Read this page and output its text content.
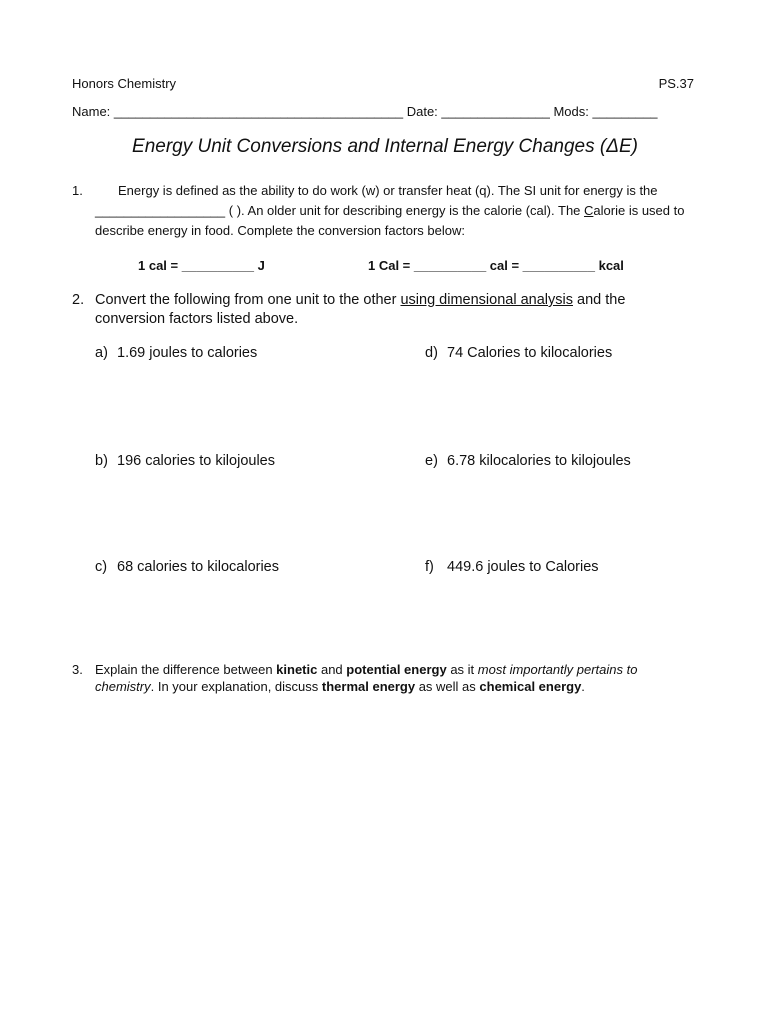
Honors Chemistry	PS.37
Name: ________________________________________ Date: _______________ Mods: _________
Energy Unit Conversions and Internal Energy Changes (ΔE)
1.	Energy is defined as the ability to do work (w) or transfer heat (q). The SI unit for energy is the __________________ ( ). An older unit for describing energy is the calorie (cal). The Calorie is used to describe energy in food. Complete the conversion factors below:
1 cal = __________ J	1 Cal = __________ cal = __________ kcal
2. Convert the following from one unit to the other using dimensional analysis and the conversion factors listed above.
a) 1.69 joules to calories	d) 74 Calories to kilocalories
b) 196 calories to kilojoules	e) 6.78 kilocalories to kilojoules
c) 68 calories to kilocalories	f) 449.6 joules to Calories
3. Explain the difference between kinetic and potential energy as it most importantly pertains to chemistry. In your explanation, discuss thermal energy as well as chemical energy.
